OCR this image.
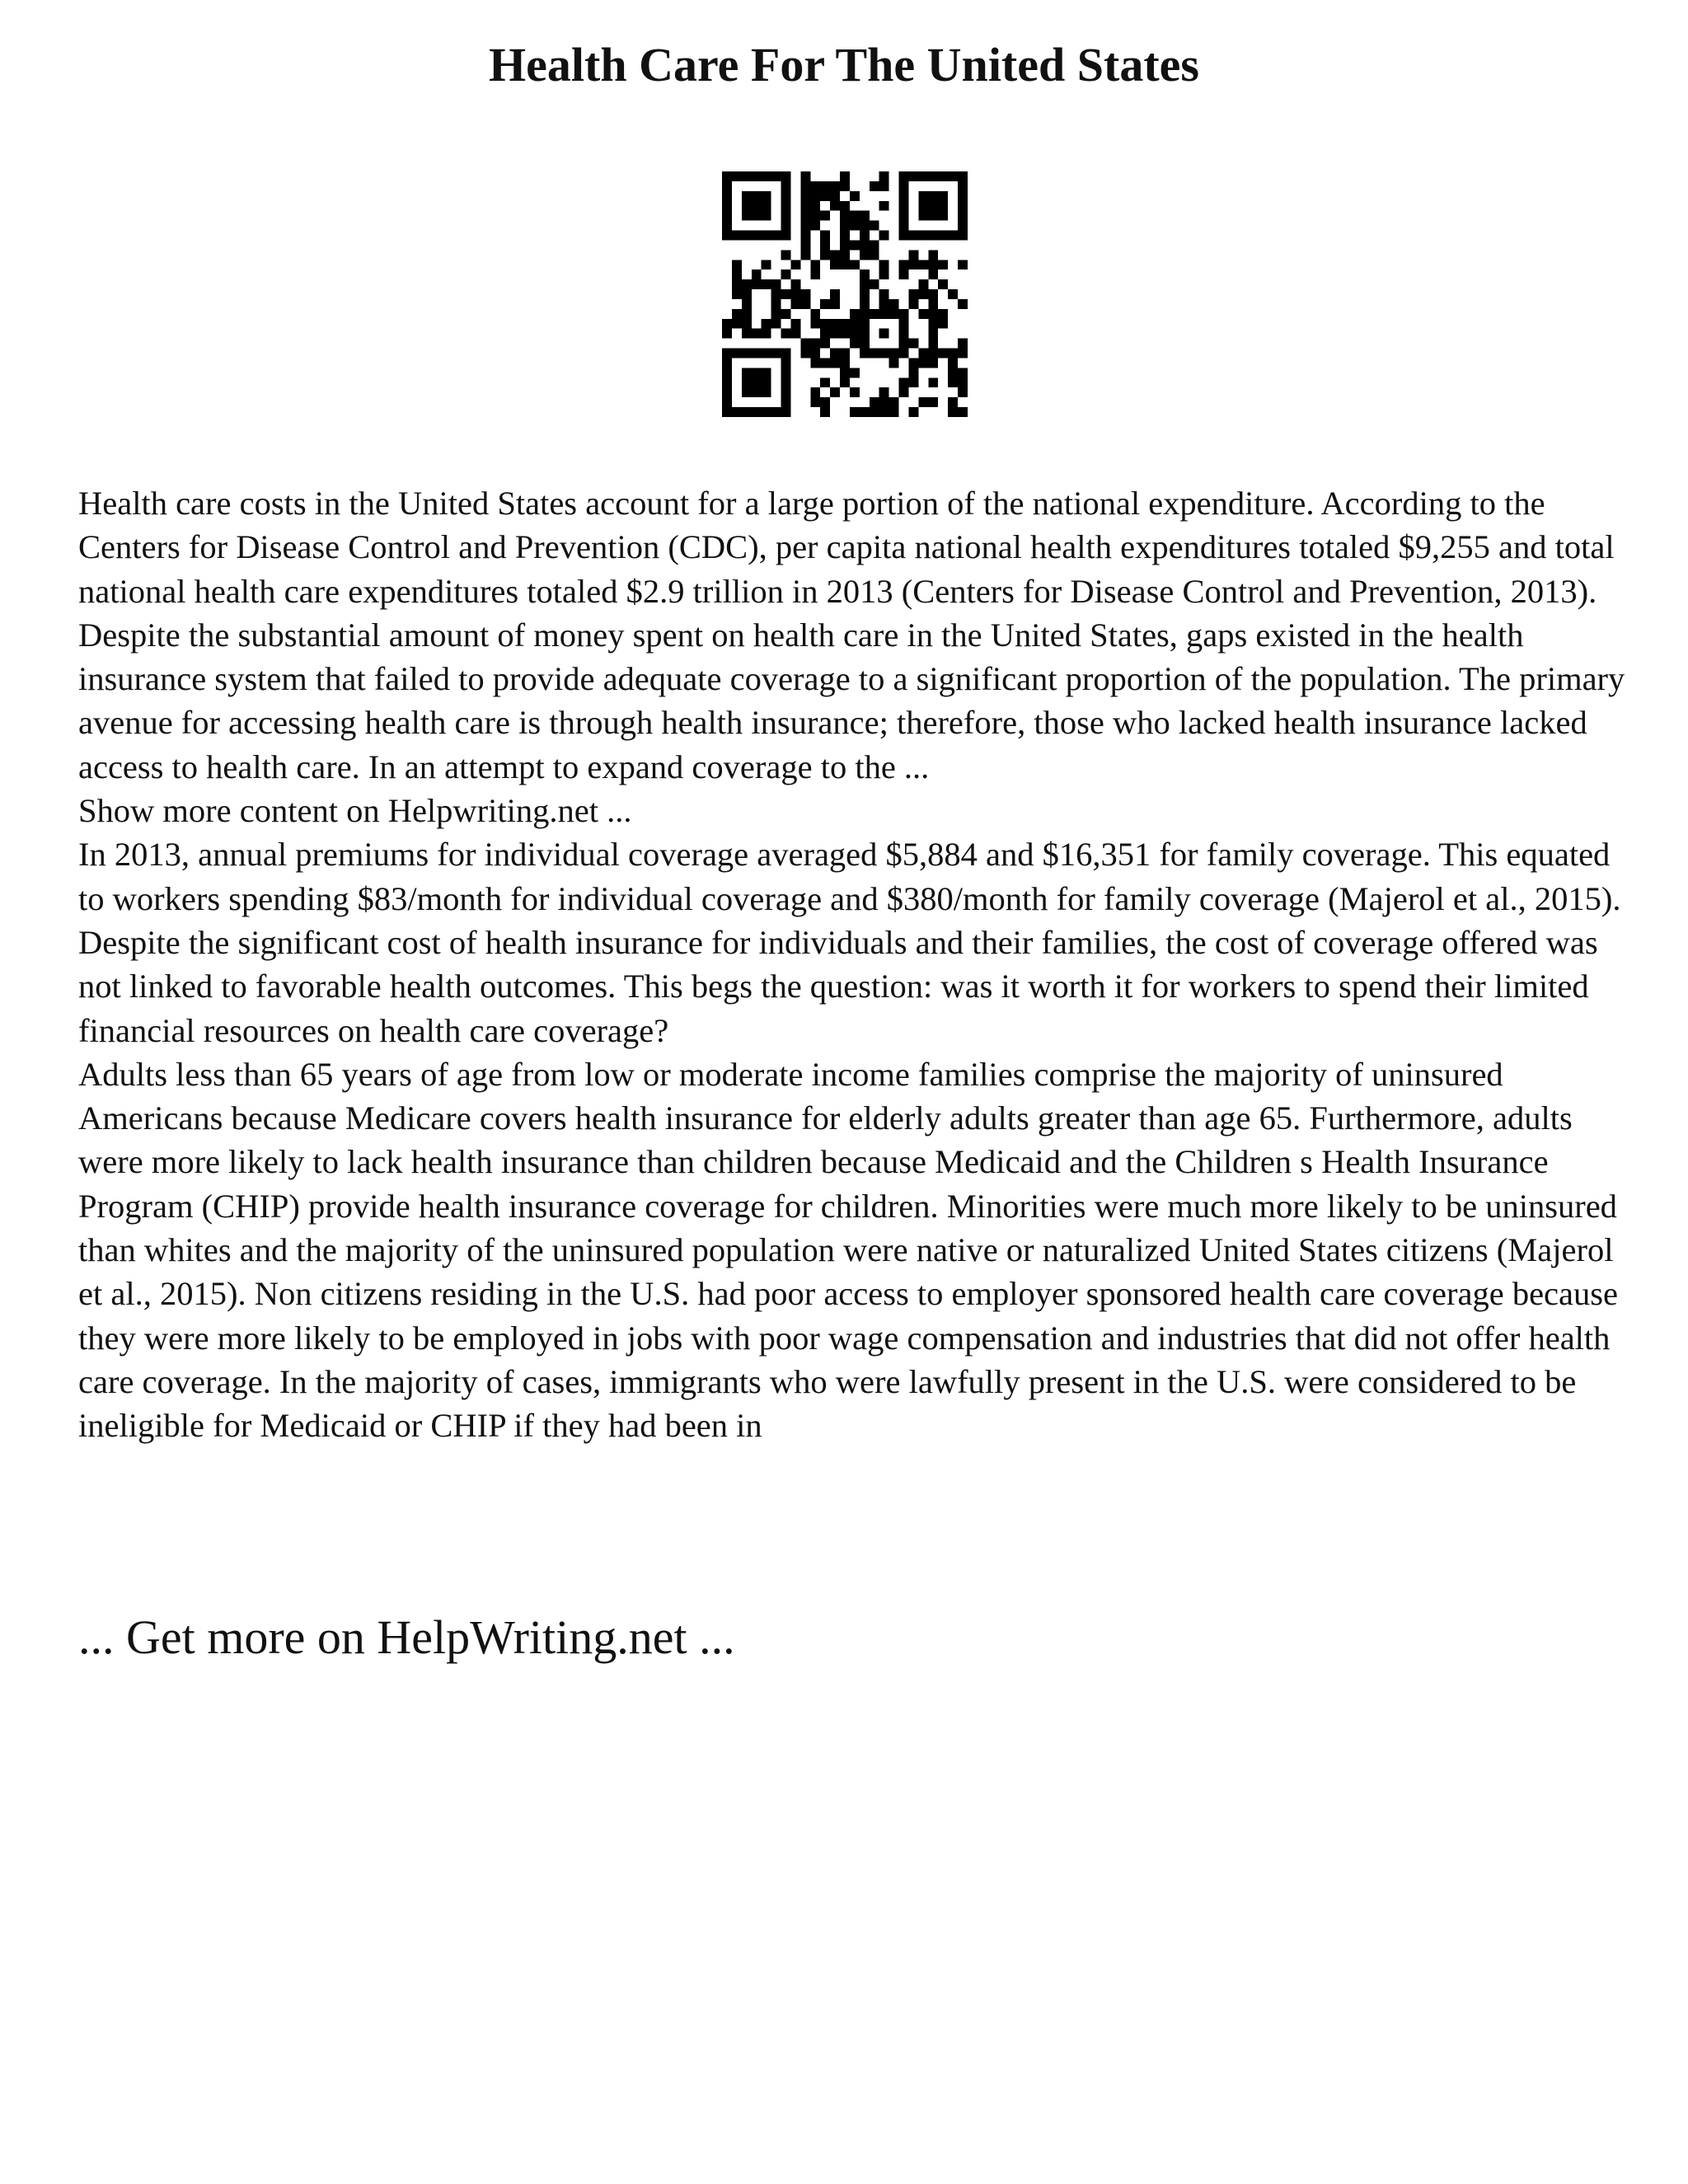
Health Care For The United States

Health care costs in the United States account for a large portion of the national expenditure. According to the Centers for Disease Control and Prevention (CDC), per capita national health expenditures totaled $9,255 and total national health care expenditures totaled $2.9 trillion in 2013 (Centers for Disease Control and Prevention, 2013).

Despite the substantial amount of money spent on health care in the United States, gaps existed in the health insurance system that failed to provide adequate coverage to a significant proportion of the population. The primary avenue for accessing health care is through health insurance; therefore, those who lacked health insurance lacked access to health care. In an attempt to expand coverage to the ...

Show more content on Helpwriting.net ...

In 2013, annual premiums for individual coverage averaged $5,884 and $16,351 for family coverage. This equated to workers spending $83/month for individual coverage and $380/month for family coverage (Majerol et al., 2015). Despite the significant cost of health insurance for individuals and their families, the cost of coverage offered was not linked to favorable health outcomes. This begs the question: was it worth it for workers to spend their limited financial resources on health care coverage?

Adults less than 65 years of age from low or moderate income families comprise the majority of uninsured Americans because Medicare covers health insurance for elderly adults greater than age 65. Furthermore, adults were more likely to lack health insurance than children because Medicaid and the Children s Health Insurance Program (CHIP) provide health insurance coverage for children. Minorities were much more likely to be uninsured than whites and the majority of the uninsured population were native or naturalized United States citizens (Majerol et al., 2015). Non citizens residing in the U.S. had poor access to employer sponsored health care coverage because they were more likely to be employed in jobs with poor wage compensation and industries that did not offer health care coverage. In the majority of cases, immigrants who were lawfully present in the U.S. were considered to be ineligible for Medicaid or CHIP if they had been in

... Get more on HelpWriting.net ...
